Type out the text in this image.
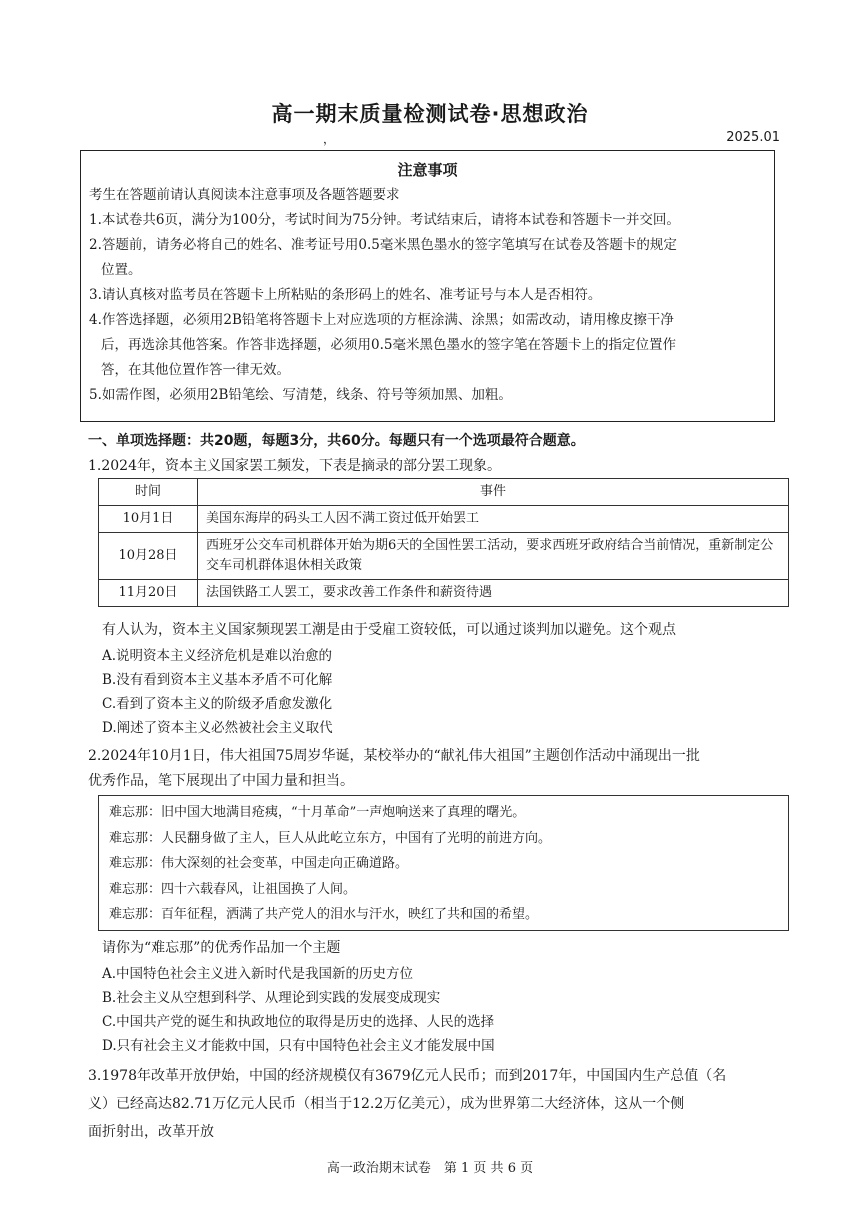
高一期末质量检测试卷·思想政治
，	2025.01
注意事项

考生在答题前请认真阅读本注意事项及各题答题要求

1.本试卷共6页，满分为100分，考试时间为75分钟。考试结束后，请将本试卷和答题卡一并交回。

2.答题前，请务必将自己的姓名、准考证号用0.5毫米黑色墨水的签字笔填写在试卷及答题卡的规定

位置。

3.请认真核对监考员在答题卡上所粘贴的条形码上的姓名、准考证号与本人是否相符。

4.作答选择题，必须用2B铅笔将答题卡上对应选项的方框涂满、涂黑；如需改动，请用橡皮擦干净

后，再选涂其他答案。作答非选择题，必须用0.5毫米黑色墨水的签字笔在答题卡上的指定位置作

答，在其他位置作答一律无效。

5.如需作图，必须用2B铅笔绘、写清楚，线条、符号等须加黑、加粗。

一、单项选择题：共20题，每题3分，共60分。每题只有一个选项最符合题意。
1.2024年，资本主义国家罢工频发，下表是摘录的部分罢工现象。
时间	事件
10月1日	美国东海岸的码头工人因不满工资过低开始罢工
10月28日	西班牙公交车司机群体开始为期6天的全国性罢工活动，要求西班牙政府结合当前情况，重新制定公交车司机群体退休相关政策
11月20日	法国铁路工人罢工，要求改善工作条件和薪资待遇
有人认为，资本主义国家频现罢工潮是由于受雇工资较低，可以通过谈判加以避免。这个观点

A.说明资本主义经济危机是难以治愈的

B.没有看到资本主义基本矛盾不可化解

C.看到了资本主义的阶级矛盾愈发激化

D.阐述了资本主义必然被社会主义取代

2.2024年10月1日，伟大祖国75周岁华诞，某校举办的“献礼伟大祖国”主题创作活动中涌现出一批
优秀作品，笔下展现出了中国力量和担当。

难忘那：旧中国大地满目疮痍，“十月革命”一声炮响送来了真理的曙光。

难忘那：人民翻身做了主人，巨人从此屹立东方，中国有了光明的前进方向。

难忘那：伟大深刻的社会变革，中国走向正确道路。

难忘那：四十六载春风，让祖国换了人间。

难忘那：百年征程，洒满了共产党人的泪水与汗水，映红了共和国的希望。

请你为“难忘那”的优秀作品加一个主题

A.中国特色社会主义进入新时代是我国新的历史方位

B.社会主义从空想到科学、从理论到实践的发展变成现实

C.中国共产党的诞生和执政地位的取得是历史的选择、人民的选择

D.只有社会主义才能救中国，只有中国特色社会主义才能发展中国

3.1978年改革开放伊始，中国的经济规模仅有3679亿元人民币；而到2017年，中国国内生产总值（名
义）已经高达82.71万亿元人民币（相当于12.2万亿美元），成为世界第二大经济体，这从一个侧
面折射出，改革开放
高一政治期末试卷　第 1 页 共 6 页
